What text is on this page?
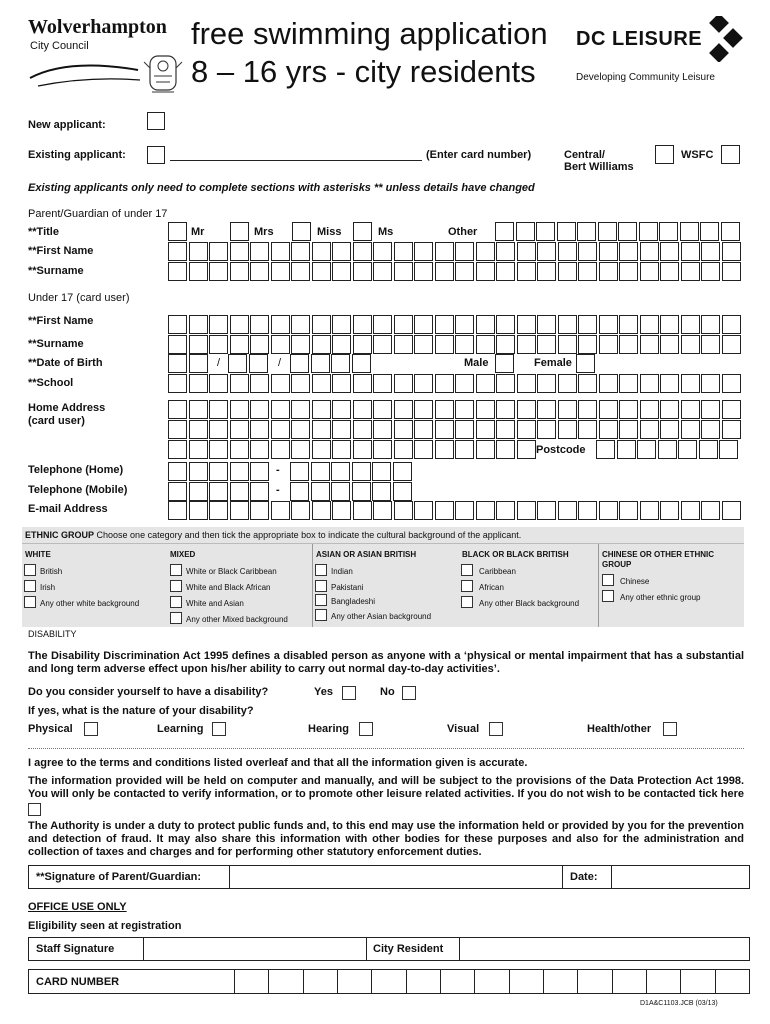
Wolverhampton
City Council	free swimming application
8 – 16 yrs - city residents
DC LEISURE
Developing Community Leisure
New applicant:
Existing applicant:	(Enter card number)	Central/
Bert Williams
WSFC
Existing applicants only need to complete sections with asterisks ** unless details have changed
Parent/Guardian of under 17
**Title	Mr	Mrs	Miss	Ms	Other
**First Name
**Surname
Under 17 (card user)
**First Name
**Surname
**Date of Birth	/	/	Male	Female
**School
Home Address
(card user)
Postcode
Telephone (Home)	-
Telephone (Mobile)	-
E-mail Address
ETHNIC GROUP Choose one category and then tick the appropriate box to indicate the cultural background of the applicant.
WHITE
British
Irish
Any other white background
MIXED
White or Black Caribbean
White and Black African
White and Asian
Any other Mixed background
ASIAN OR ASIAN BRITISH
Indian
Pakistani
Bangladeshi
Any other Asian background
BLACK OR BLACK BRITISH
Caribbean
African
Any other Black background
CHINESE OR OTHER ETHNIC
GROUP
Chinese
Any other ethnic group
DISABILITY
The Disability Discrimination Act 1995 defines a disabled person as anyone with a ‘physical or mental impairment that has a substantial and long term adverse effect upon his/her ability to carry out normal day-to-day activities’.
Do you consider yourself to have a disability?	Yes	No
If yes, what is the nature of your disability?
Physical	Learning	Hearing	Visual	Health/other
I agree to the terms and conditions listed overleaf and that all the information given is accurate.
The information provided will be held on computer and manually, and will be subject to the provisions of the Data Protection Act 1998. You will only be contacted to verify information, or to promote other leisure related activities. If you do not wish to be contacted tick here
The Authority is under a duty to protect public funds and, to this end may use the information held or provided by you for the prevention and detection of fraud. It may also share this information with other bodies for these purposes and also for the administration and collection of taxes and charges and for performing other statutory enforcement duties.
**Signature of Parent/Guardian:	Date:
OFFICE USE ONLY
Eligibility seen at registration
Staff Signature	City Resident
CARD NUMBER
D1A&C1103.JCB (03/13)
